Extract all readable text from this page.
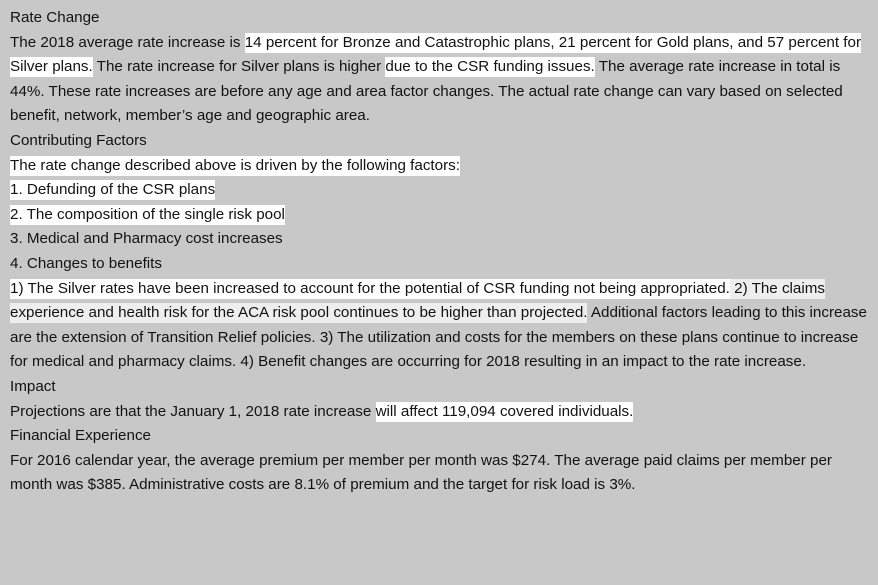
Rate Change
The 2018 average rate increase is 14 percent for Bronze and Catastrophic plans, 21 percent for Gold plans, and 57 percent for Silver plans. The rate increase for Silver plans is higher due to the CSR funding issues. The average rate increase in total is 44%. These rate increases are before any age and area factor changes. The actual rate change can vary based on selected benefit, network, member’s age and geographic area.
Contributing Factors
The rate change described above is driven by the following factors:
1. Defunding of the CSR plans
2. The composition of the single risk pool
3. Medical and Pharmacy cost increases
4. Changes to benefits
1) The Silver rates have been increased to account for the potential of CSR funding not being appropriated. 2) The claims experience and health risk for the ACA risk pool continues to be higher than projected. Additional factors leading to this increase are the extension of Transition Relief policies. 3) The utilization and costs for the members on these plans continue to increase for medical and pharmacy claims. 4) Benefit changes are occurring for 2018 resulting in an impact to the rate increase.
Impact
Projections are that the January 1, 2018 rate increase will affect 119,094 covered individuals.
Financial Experience
For 2016 calendar year, the average premium per member per month was $274. The average paid claims per member per month was $385. Administrative costs are 8.1% of premium and the target for risk load is 3%.
